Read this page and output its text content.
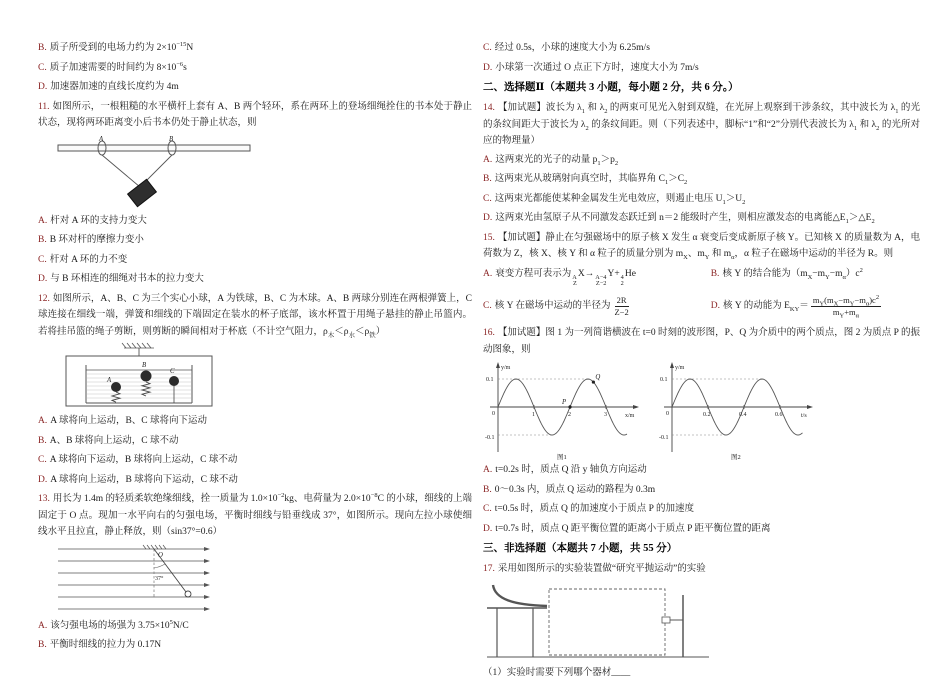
B. 质子所受到的电场力约为 $2\times 10^{-15}N$
C. 质子加速需要的时间约为 $8\times 10^{-6}s$
D. 加速器加速的直线长度约为 4m

11. 如图所示，一根粗糙的水平横杆上套有 A、B 两个轻环，系在两环上的登场细绳拴住的书本处于静止状态，现将两环距离变小后书本仍处于静止状态，则

A	B
A. 杆对 A 环的支持力变大
B. B 环对杆的摩擦力变小
C. 杆对 A 环的力不变
D. 与 B 环相连的细绳对书本的拉力变大

12. 如图所示，A、B、C 为三个实心小球，A 为铁球，B、C 为木球。A、B 两球分别连在两根弹簧上，C 球连接在细线一端，弹簧和细线的下端固定在装水的杯子底部，该水杯置于用绳子悬挂的静止吊篮内。若将挂吊篮的绳子剪断，则剪断的瞬间相对于杯底（不计空气阻力，$\rho_木<\rho_水<\rho_铁$）

A
B
C
A. A 球将向上运动，B、C 球将向下运动
B. A、B 球将向上运动，C 球不动
C. A 球将向下运动，B 球将向上运动，C 球不动
D. A 球将向上运动，B 球将向下运动，C 球不动

13. 用长为 1.4m 的轻质柔软绝缘细线，拴一质量为 $1.0\times 10^{-2}kg$、电荷量为 $2.0\times 10^{-8}C$ 的小球，细线的上端固定于 O 点。现加一水平向右的匀强电场，平衡时细线与铅垂线成 37°，如图所示。现向左拉小球使细线水平且拉直，静止释放，则（sin37°=0.6）

O
37°
A. 该匀强电场的场强为 $3.75\times 10^5N/C$
B. 平衡时细线的拉力为 0.17N
C. 经过 0.5s，小球的速度大小为 6.25m/s
D. 小球第一次通过 O 点正下方时，速度大小为 7m/s
二、选择题Ⅱ（本题共 3 小题，每小题 2 分，共 6 分。）

14. 【加试题】波长为 $\lambda_1$ 和 $\lambda_2$ 的两束可见光入射到双缝，在光屏上观察到干涉条纹，其中波长为 $\lambda_1$ 的光的条纹间距大于波长为 $\lambda_2$ 的条纹间距。则（下列表述中，脚标“1”和“2”分别代表波长为 $\lambda_1$ 和 $\lambda_2$ 的光所对应的物理量）

A. 这两束光的光子的动量 $p_1>p_2$
B. 这两束光从玻璃射向真空时，其临界角 $C_1>C_2$
C. 这两束光都能使某种金属发生光电效应，则遏止电压 $U_1>U_2$
D. 这两束光由氢原子从不同激发态跃迁到 n＝2 能级时产生，则相应激发态的电离能$\triangle E_1>\triangle E_2$

15. 【加试题】静止在匀强磁场中的原子核 X 发生 α 衰变后变成新原子核 Y。已知核 X 的质量数为 A，电荷数为 Z，核 X、核 Y 和 α 粒子的质量分别为 $m_X$、$m_Y$ 和 $m_\alpha$，α 粒子在磁场中运动的半径为 R。则

A. 衰变方程可表示为 A
Z
X→ A−4
Z−2
Y+ 4
2
He	B. 核 Y 的结合能为$(m_X-m_Y-m_\alpha)c^2$
C. 核 Y 在磁场中运动的半径为 $\frac{2R}{Z-2}$	D. 核 Y 的动能为 $E_{KY}= \frac{m_Y(m_X-m_Y-m_\alpha)c^2}{m_Y+m_\alpha}$

16. 【加试题】图 1 为一列简谐横波在 t=0 时刻的波形图，P、Q 为介质中的两个质点，图 2 为质点 P 的振动图象，则

P
Q
y/m
0.1
-0.1
0	1	2	3	x/m
图1
y/m
0.1
-0.1
0	0.2	0.4	0.6	t/s
图2
A. t=0.2s 时，质点 Q 沿 y 轴负方向运动
B. 0～0.3s 内，质点 Q 运动的路程为 0.3m
C. t=0.5s 时，质点 Q 的加速度小于质点 P 的加速度
D. t=0.7s 时，质点 Q 距平衡位置的距离小于质点 P 距平衡位置的距离
三、非选择题（本题共 7 小题，共 55 分）

17. 采用如图所示的实验装置做“研究平抛运动”的实验

（1）实验时需要下列哪个器材____
